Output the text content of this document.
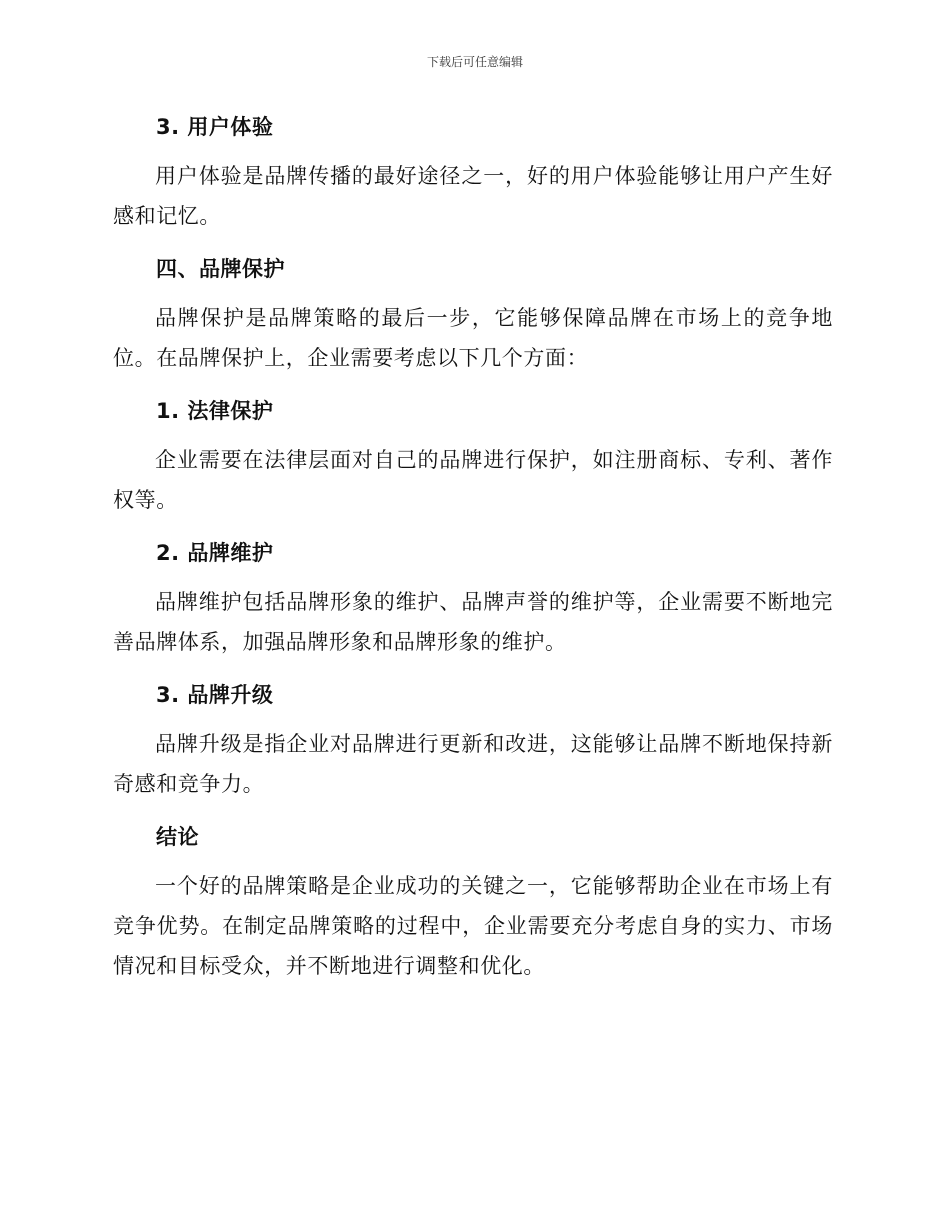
下载后可任意编辑
3. 用户体验

用户体验是品牌传播的最好途径之一，好的用户体验能够让用户产生好感和记忆。

四、品牌保护

品牌保护是品牌策略的最后一步，它能够保障品牌在市场上的竞争地位。在品牌保护上，企业需要考虑以下几个方面：

1. 法律保护

企业需要在法律层面对自己的品牌进行保护，如注册商标、专利、著作权等。

2. 品牌维护

品牌维护包括品牌形象的维护、品牌声誉的维护等，企业需要不断地完善品牌体系，加强品牌形象和品牌形象的维护。

3. 品牌升级

品牌升级是指企业对品牌进行更新和改进，这能够让品牌不断地保持新奇感和竞争力。

结论

一个好的品牌策略是企业成功的关键之一，它能够帮助企业在市场上有竞争优势。在制定品牌策略的过程中，企业需要充分考虑自身的实力、市场情况和目标受众，并不断地进行调整和优化。
